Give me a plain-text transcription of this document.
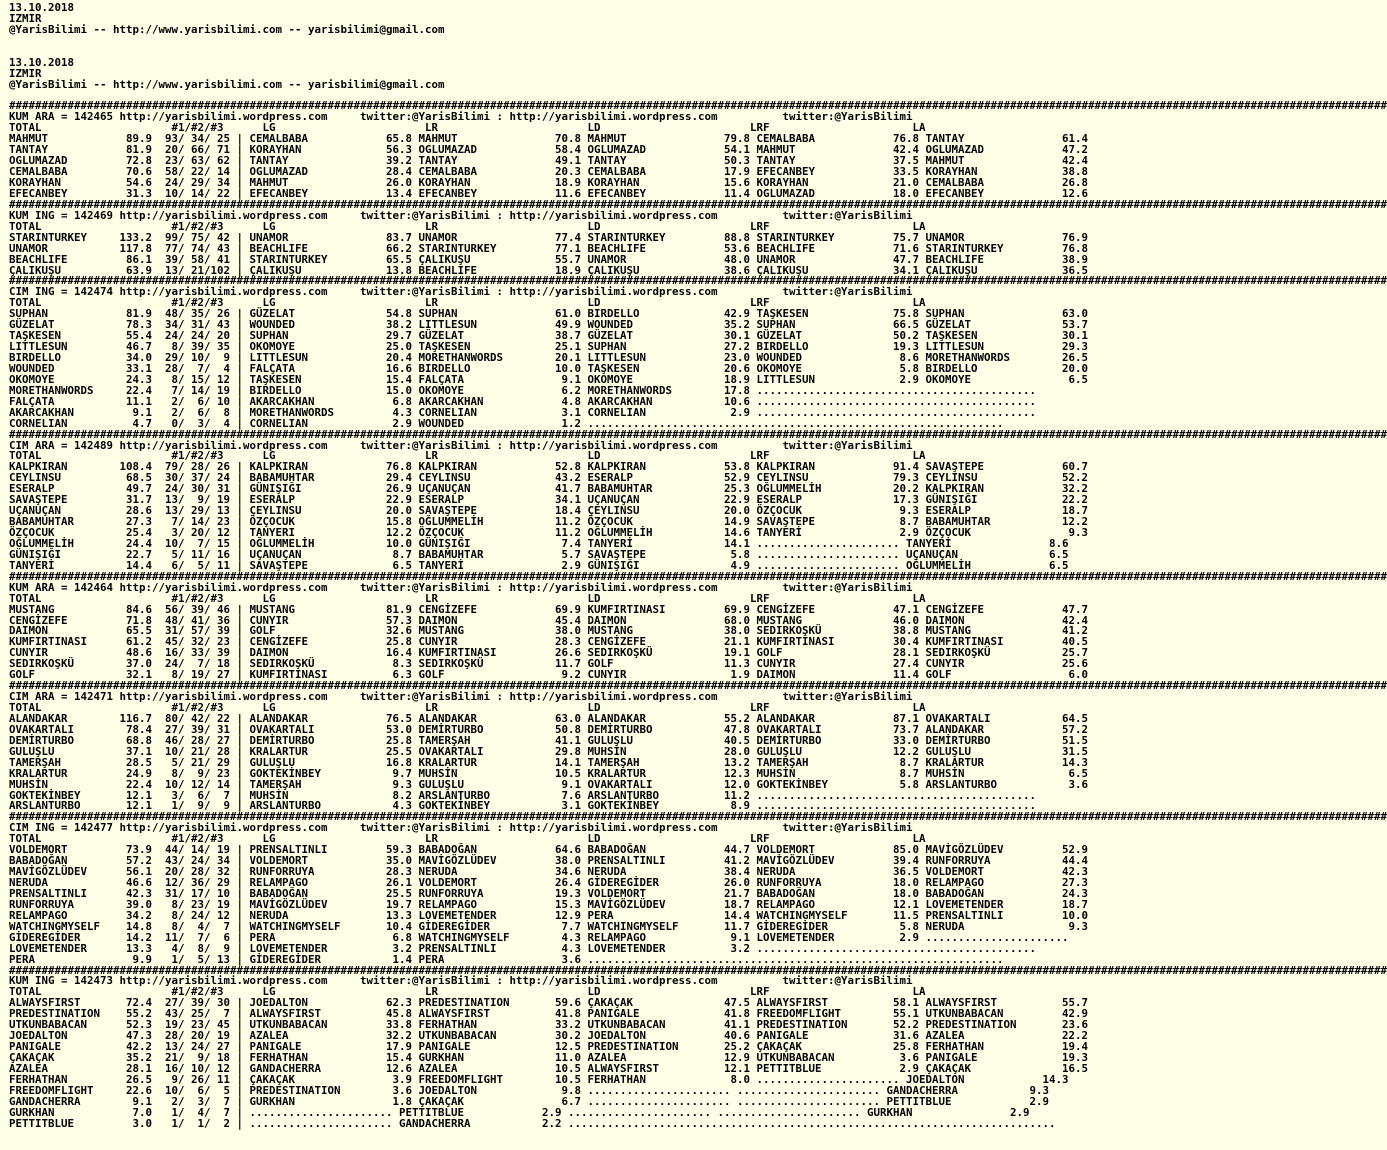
13.10.2018
IZMIR
@YarisBilimi -- http://www.yarisbilimi.com -- yarisbilimi@gmail.com
13.10.2018
IZMIR
@YarisBilimi -- http://www.yarisbilimi.com -- yarisbilimi@gmail.com
####################################################################################################################################################################################################################
KUM ARA = 142465 http://yarisbilimi.wordpress.com     twitter:@YarisBilimi : http://yarisbilimi.wordpress.com          twitter:@YarisBilimi
TOTAL                    #1/#2/#3      LG                       LR                       LD                       LRF                      LA
MAHMUT            89.9  93/ 34/ 25 | CEMALBABA            65.8 MAHMUT               70.8 MAHMUT               79.8 CEMALBABA            76.8 TANTAY               61.4
TANTAY            81.9  20/ 66/ 71 | KORAYHAN             56.3 OGLUMAZAD            58.4 OGLUMAZAD            54.1 MAHMUT               42.4 OGLUMAZAD            47.2
OGLUMAZAD         72.8  23/ 63/ 62 | TANTAY               39.2 TANTAY               49.1 TANTAY               50.3 TANTAY               37.5 MAHMUT               42.4
CEMALBABA         70.6  58/ 22/ 14 | OGLUMAZAD            28.4 CEMALBABA            20.3 CEMALBABA            17.9 EFECANBEY            33.5 KORAYHAN             38.8
KORAYHAN          54.6  24/ 29/ 34 | MAHMUT               26.0 KORAYHAN             18.9 KORAYHAN             15.6 KORAYHAN             21.0 CEMALBABA            26.8
EFECANBEY         31.3  10/ 14/ 22 | EFECANBEY            13.4 EFECANBEY            11.6 EFECANBEY            11.4 OGLUMAZAD            18.0 EFECANBEY            12.6
####################################################################################################################################################################################################################
KUM ING = 142469 http://yarisbilimi.wordpress.com     twitter:@YarisBilimi : http://yarisbilimi.wordpress.com          twitter:@YarisBilimi
TOTAL                    #1/#2/#3      LG                       LR                       LD                       LRF                      LA
STARINTURKEY     133.2  99/ 75/ 42 | UNAMOR               83.7 UNAMOR               77.4 STARINTURKEY         88.8 STARINTURKEY         75.7 UNAMOR               76.9
UNAMOR           117.8  77/ 74/ 43 | BEACHLIFE            66.2 STARINTURKEY         77.1 BEACHLIFE            53.6 BEACHLIFE            71.6 STARINTURKEY         76.8
BEACHLIFE         86.1  39/ 58/ 41 | STARINTURKEY         65.5 ÇALIKUŞU             55.7 UNAMOR               48.0 UNAMOR               47.7 BEACHLIFE            38.9
ÇALIKUŞU          63.9  13/ 21/102 | ÇALIKUŞU             13.8 BEACHLIFE            18.9 ÇALIKUŞU             38.6 ÇALIKUŞU             34.1 ÇALIKUŞU             36.5
####################################################################################################################################################################################################################
CIM ING = 142474 http://yarisbilimi.wordpress.com     twitter:@YarisBilimi : http://yarisbilimi.wordpress.com          twitter:@YarisBilimi
TOTAL                    #1/#2/#3      LG                       LR                       LD                       LRF                      LA
SUPHAN            81.9  48/ 35/ 26 | GÜZELAT              54.8 SUPHAN               61.0 BIRDELLO             42.9 TAŞKESEN             75.8 SUPHAN               63.0
GÜZELAT           78.3  34/ 31/ 43 | WOUNDED              38.2 LITTLESUN            49.9 WOUNDED              35.2 SUPHAN               66.5 GÜZELAT              53.7
TAŞKESEN          55.4  24/ 24/ 20 | SUPHAN               29.7 GÜZELAT              38.7 GÜZELAT              30.1 GÜZELAT              50.2 TAŞKESEN             30.1
LITTLESUN         46.7   8/ 39/ 35 | OKOMOYE              25.0 TAŞKESEN             25.1 SUPHAN               27.2 BIRDELLO             19.3 LITTLESUN            29.3
BIRDELLO          34.0  29/ 10/  9 | LITTLESUN            20.4 MORETHANWORDS        20.1 LITTLESUN            23.0 WOUNDED               8.6 MORETHANWORDS        26.5
WOUNDED           33.1  28/  7/  4 | FALÇATA              16.6 BIRDELLO             10.0 TAŞKESEN             20.6 OKOMOYE               5.8 BIRDELLO             20.0
OKOMOYE           24.3   8/ 15/ 12 | TAŞKESEN             15.4 FALÇATA               9.1 OKOMOYE              18.9 LITTLESUN             2.9 OKOMOYE               6.5
MORETHANWORDS     22.4   7/ 14/ 19 | BIRDELLO             15.0 OKOMOYE               6.2 MORETHANWORDS        17.8 ...........................................
FALÇATA           11.1   2/  6/ 10 | AKARCAKHAN            6.8 AKARCAKHAN            4.8 AKARCAKHAN           10.6 ...........................................
AKARCAKHAN         9.1   2/  6/  8 | MORETHANWORDS         4.3 CORNELIAN             3.1 CORNELIAN             2.9 ...........................................
CORNELIAN          4.7   0/  3/  4 | CORNELIAN             2.9 WOUNDED               1.2 ................................................................
####################################################################################################################################################################################################################
CIM ARA = 142489 http://yarisbilimi.wordpress.com     twitter:@YarisBilimi : http://yarisbilimi.wordpress.com          twitter:@YarisBilimi
TOTAL                    #1/#2/#3      LG                       LR                       LD                       LRF                      LA
KALPKIRAN        108.4  79/ 28/ 26 | KALPKIRAN            76.8 KALPKIRAN            52.8 KALPKIRAN            53.8 KALPKIRAN            91.4 SAVAŞTEPE            60.7
CEYLINSU          68.5  30/ 37/ 24 | BABAMUHTAR           29.4 CEYLINSU             43.2 ESERALP              52.9 CEYLINSU             79.3 CEYLINSU             52.2
ESERALP           49.7  24/ 30/ 31 | GÜNIŞIĞI             26.9 UÇANUÇAN             41.7 BABAMUHTAR           25.3 OĞLUMMELİH           20.2 KALPKIRAN            32.2
SAVAŞTEPE         31.7  13/  9/ 19 | ESERALP              22.9 ESERALP              34.1 UÇANUÇAN             22.9 ESERALP              17.3 GÜNIŞIĞI             22.2
UÇANUÇAN          28.6  13/ 29/ 13 | ÇEYLINSU             20.0 SAVAŞTEPE            18.4 ÇEYLINSU             20.0 ÖZÇOCUK               9.3 ESERALP              18.7
BABAMUHTAR        27.3   7/ 14/ 23 | ÖZÇOCUK              15.8 OĞLUMMELİH           11.2 ÖZÇOCUK              14.9 SAVAŞTEPE             8.7 BABAMUHTAR           12.2
ÖZÇOCUK           25.4   3/ 20/ 12 | TANYERI              12.2 ÖZÇOCUK              11.2 OĞLUMMELİH           14.6 TANYERİ               2.9 ÖZÇOCUK               9.3
OĞLUMMELİH        24.4  10/  7/ 15 | OĞLUMMELİH           10.0 GÜNIŞIĞI              7.4 TANYERİ              14.1 ...................... TANYERİ               8.6
GÜNIŞIĞI          22.7   5/ 11/ 16 | UÇANUÇAN              8.7 BABAMUHTAR            5.7 SAVAŞTEPE             5.8 ...................... UÇANUÇAN              6.5
TANYERİ           14.4   6/  5/ 11 | SAVAŞTEPE             6.5 TANYERİ               2.9 GÜNIŞIĞI              4.9 ...................... OĞLUMMELİH            6.5
####################################################################################################################################################################################################################
KUM ARA = 142464 http://yarisbilimi.wordpress.com     twitter:@YarisBilimi : http://yarisbilimi.wordpress.com          twitter:@YarisBilimi
TOTAL                    #1/#2/#3      LG                       LR                       LD                       LRF                      LA
MUSTANG           84.6  56/ 39/ 46 | MUSTANG              81.9 CENGİZEFE            69.9 KUMFIRTINASI         69.9 CENGİZEFE            47.1 CENGİZEFE            47.7
CENGİZEFE         71.8  48/ 41/ 36 | CUNYIR               57.3 DAIMON               45.4 DAIMON               68.0 MUSTANG              46.0 DAIMON               42.4
DAIMON            65.5  31/ 57/ 39 | GOLF                 32.6 MUSTANG              38.0 MUSTANG              38.0 SEDIRKOŞKÜ           38.8 MUSTANG              41.2
KUMFIRTINASI      61.2  45/ 32/ 23 | CENGİZEFE            25.8 CUNYIR               28.3 CENGİZEFE            21.1 KUMFIRTINASI         30.4 KUMFIRTINASI         40.5
CUNYIR            48.6  16/ 33/ 39 | DAIMON               16.4 KUMFIRTINASI         26.6 SEDIRKOŞKÜ           19.1 GOLF                 28.1 SEDIRKOŞKÜ           25.7
SEDIRKOŞKÜ        37.0  24/  7/ 18 | SEDIRKOŞKÜ            8.3 SEDIRKOŞKÜ           11.7 GOLF                 11.3 CUNYIR               27.4 CUNYIR               25.6
GOLF              32.1   8/ 19/ 27 | KUMFIRTINASI          6.3 GOLF                  9.2 CUNYIR                1.9 DAIMON               11.4 GOLF                  6.0
####################################################################################################################################################################################################################
CIM ARA = 142471 http://yarisbilimi.wordpress.com     twitter:@YarisBilimi : http://yarisbilimi.wordpress.com          twitter:@YarisBilimi
TOTAL                    #1/#2/#3      LG                       LR                       LD                       LRF                      LA
ALANDAKAR        116.7  80/ 42/ 22 | ALANDAKAR            76.5 ALANDAKAR            63.0 ALANDAKAR            55.2 ALANDAKAR            87.1 OVAKARTALI           64.5
OVAKARTALI        78.4  27/ 39/ 31 | OVAKARTALI           53.0 DEMİRTURBO           50.8 DEMİRTURBO           47.8 OVAKARTALI           73.7 ALANDAKAR            57.2
DEMİRTURBO        68.8  46/ 28/ 27 | DEMİRTURBO           25.8 TAMERŞAH             41.1 GULUŞLU              40.5 DEMİRTURBO           33.0 DEMİRTURBO           51.5
GULUŞLU           37.1  10/ 21/ 28 | KRALARTUR            25.5 OVAKARTALI           29.8 MUHSİN               28.0 GULUŞLU              12.2 GULUŞLU              31.5
TAMERŞAH          28.5   5/ 21/ 29 | GULUŞLU              16.8 KRALARTUR            14.1 TAMERŞAH             13.2 TAMERŞAH              8.7 KRALARTUR            14.3
KRALARTUR         24.9   8/  9/ 23 | GOKTEKİNBEY           9.7 MUHSİN               10.5 KRALARTUR            12.3 MUHSİN                8.7 MUHSİN                6.5
MUHSİN            22.4  10/ 12/ 14 | TAMERŞAH              9.3 GULUŞLU               9.1 OVAKARTALI           12.0 GOKTEKİNBEY           5.8 ARSLANTURBO           3.6
GOKTEKİNBEY       12.1   3/  6/  7 | MUHSİN                8.2 ARSLANTURBO           7.6 ARSLANTURBO          11.2 ...........................................
ARSLANTURBO       12.1   1/  9/  9 | ARSLANTURBO           4.3 GOKTEKİNBEY           3.1 GOKTEKİNBEY           8.9 ...........................................
####################################################################################################################################################################################################################
CIM ING = 142477 http://yarisbilimi.wordpress.com     twitter:@YarisBilimi : http://yarisbilimi.wordpress.com          twitter:@YarisBilimi
TOTAL                    #1/#2/#3      LG                       LR                       LD                       LRF                      LA
VOLDEMORT         73.9  44/ 14/ 19 | PRENSALTINLI         59.3 BABADOĞAN            64.6 BABADOĞAN            44.7 VOLDEMORT            85.0 MAVİGÖZLÜDEV         52.9
BABADOĞAN         57.2  43/ 24/ 34 | VOLDEMORT            35.0 MAVİGÖZLÜDEV         38.0 PRENSALTINLI         41.2 MAVİGÖZLÜDEV         39.4 RUNFORRUYA           44.4
MAVİGÖZLÜDEV      56.1  20/ 28/ 32 | RUNFORRUYA           28.3 NERUDA               34.6 NERUDA               38.4 NERUDA               36.5 VOLDEMORT            42.3
NERUDA            46.6  12/ 36/ 29 | RELAMPAGO            26.1 VOLDEMORT            26.4 GİDEREGİDER          26.0 RUNFORRUYA           18.0 RELAMPAGO            27.3
PRENSALTINLI      42.3  31/ 17/ 10 | BABADOĞAN            25.5 RUNFORRUYA           19.3 VOLDEMORT            21.7 BABADOĞAN            18.0 BABADOĞAN            24.3
RUNFORRUYA        39.0   8/ 23/ 19 | MAVİGÖZLÜDEV         19.7 RELAMPAGO            15.3 MAVİGÖZLÜDEV         18.7 RELAMPAGO            12.1 LOVEMETENDER         18.7
RELAMPAGO         34.2   8/ 24/ 12 | NERUDA               13.3 LOVEMETENDER         12.9 PERA                 14.4 WATCHINGMYSELF       11.5 PRENSALTINLI         10.0
WATCHINGMYSELF    14.8   8/  4/  7 | WATCHINGMYSELF       10.4 GİDEREGİDER           7.7 WATCHINGMYSELF       11.7 GİDEREGİDER           5.8 NERUDA                9.3
GİDEREGİDER       14.2  11/  7/  6 | PERA                  6.8 WATCHINGMYSELF        4.3 RELAMPAGO             9.1 LOVEMETENDER          2.9 ......................
LOVEMETENDER      13.3   4/  8/  9 | LOVEMETENDER          3.2 PRENSALTINLI          4.3 LOVEMETENDER          3.2 ...........................................
PERA               9.9   1/  5/ 13 | GİDEREGİDER           1.4 PERA                  3.6 ................................................................
####################################################################################################################################################################################################################
KUM ING = 142473 http://yarisbilimi.wordpress.com     twitter:@YarisBilimi : http://yarisbilimi.wordpress.com          twitter:@YarisBilimi
TOTAL                    #1/#2/#3      LG                       LR                       LD                       LRF                      LA
ALWAYSFIRST       72.4  27/ 39/ 30 | JOEDALTON            62.3 PREDESTINATION       59.6 ÇAKAÇAK              47.5 ALWAYSFIRST          58.1 ALWAYSFIRST          55.7
PREDESTINATION    55.2  43/ 25/  7 | ALWAYSFIRST          45.8 ALWAYSFIRST          41.8 PANIGALE             41.8 FREEDOMFLIGHT        55.1 UTKUNBABACAN         42.9
UTKUNBABACAN      52.3  19/ 23/ 45 | UTKUNBABACAN         33.8 FERHATHAN            33.2 UTKUNBABACAN         41.1 PREDESTINATION       52.2 PREDESTINATION       23.6
JOEDALTON         47.3  28/ 20/ 19 | AZALEA               32.2 UTKUNBABACAN         30.2 JOEDALTON            40.6 PANIGALE             31.6 AZALEA               22.2
PANIGALE          42.2  13/ 24/ 27 | PANIGALE             17.9 PANIGALE             12.5 PREDESTINATION       25.2 ÇAKAÇAK              25.8 FERHATHAN            19.4
ÇAKAÇAK           35.2  21/  9/ 18 | FERHATHAN            15.4 GURKHAN              11.0 AZALEA               12.9 UTKUNBABACAN          3.6 PANIGALE             19.3
AZALEA            28.1  16/ 10/ 12 | GANDACHERRA          12.6 AZALEA               10.5 ALWAYSFIRST          12.1 PETTITBLUE            2.9 ÇAKAÇAK              16.5
FERHATHAN         26.5   9/ 26/ 11 | ÇAKAÇAK               3.9 FREEDOMFLIGHT        10.5 FERHATHAN             8.0 ...................... JOEDALTON            14.3
FREEDOMFLIGHT     22.6  10/  6/  5 | PREDESTINATION        3.6 JOEDALTON             9.8 ...................... ...................... GANDACHERRA           9.3
GANDACHERRA        9.1   2/  3/  7 | GURKHAN               1.8 ÇAKAÇAK               6.7 ...................... ...................... PETTITBLUE            2.9
GURKHAN            7.0   1/  4/  7 | ...................... PETTITBLUE            2.9 ...................... ...................... GURKHAN               2.9
PETTITBLUE         3.0   1/  1/  2 | ...................... GANDACHERRA           2.2 ...........................................................................
